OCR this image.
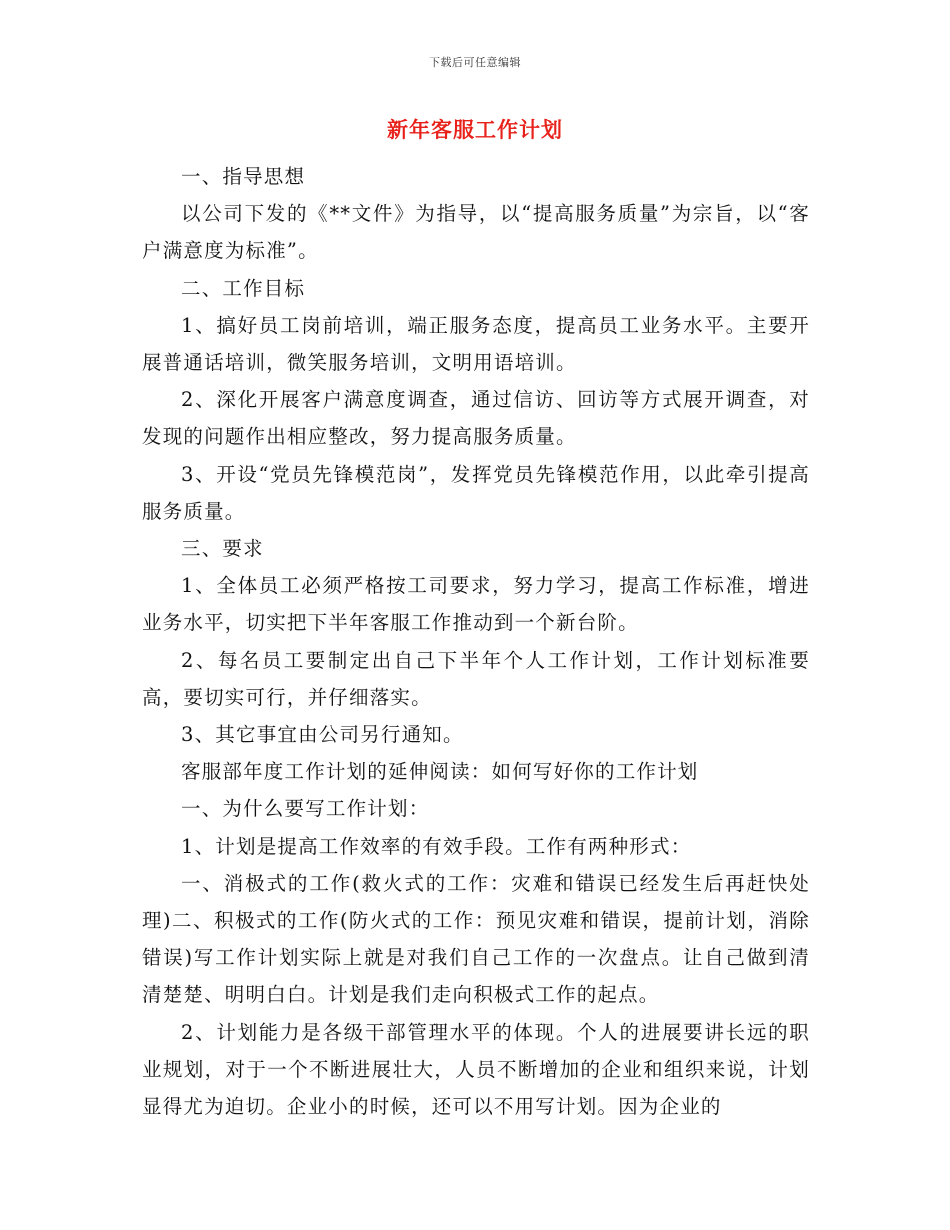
下载后可任意编辑
新年客服工作计划

一、指导思想

以公司下发的《**文件》为指导，以“提高服务质量”为宗旨，以“客户满意度为标准”。

二、工作目标

1、搞好员工岗前培训，端正服务态度，提高员工业务水平。主要开展普通话培训，微笑服务培训，文明用语培训。

2、深化开展客户满意度调查，通过信访、回访等方式展开调查，对发现的问题作出相应整改，努力提高服务质量。

3、开设“党员先锋模范岗”，发挥党员先锋模范作用，以此牵引提高服务质量。

三、要求

1、全体员工必须严格按工司要求，努力学习，提高工作标准，增进业务水平，切实把下半年客服工作推动到一个新台阶。

2、每名员工要制定出自己下半年个人工作计划，工作计划标准要高，要切实可行，并仔细落实。

3、其它事宜由公司另行通知。

客服部年度工作计划的延伸阅读：如何写好你的工作计划

一、为什么要写工作计划：

1、计划是提高工作效率的有效手段。工作有两种形式：

一、消极式的工作(救火式的工作：灾难和错误已经发生后再赶快处理)二、积极式的工作(防火式的工作：预见灾难和错误，提前计划，消除错误)写工作计划实际上就是对我们自己工作的一次盘点。让自己做到清清楚楚、明明白白。计划是我们走向积极式工作的起点。

2、计划能力是各级干部管理水平的体现。个人的进展要讲长远的职业规划，对于一个不断进展壮大，人员不断增加的企业和组织来说，计划显得尤为迫切。企业小的时候，还可以不用写计划。因为企业的
